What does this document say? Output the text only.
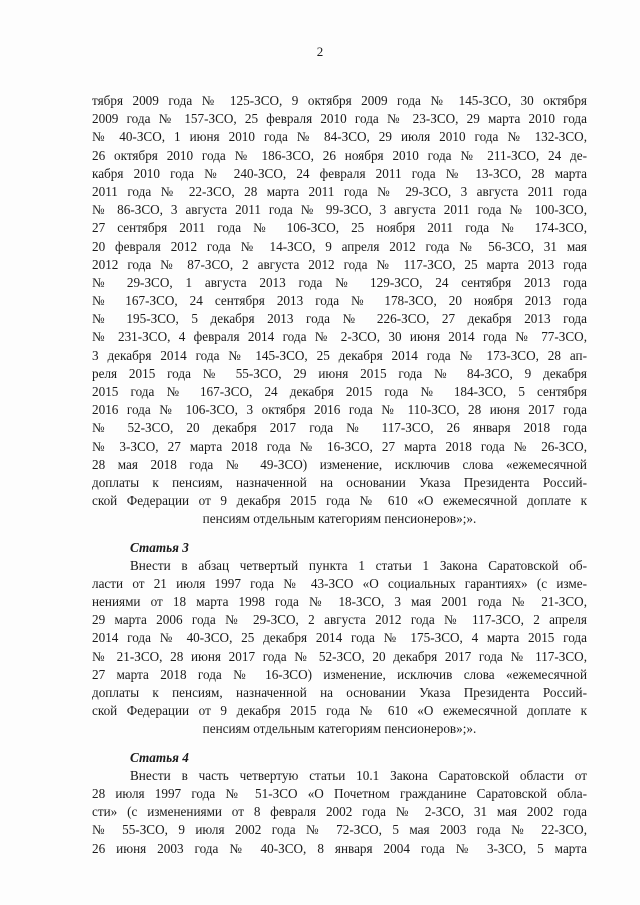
2
тября 2009 года № 125-ЗСО, 9 октября 2009 года № 145-ЗСО, 30 октября
2009 года № 157-ЗСО, 25 февраля 2010 года № 23-ЗСО, 29 марта 2010 года
№ 40-ЗСО, 1 июня 2010 года № 84-ЗСО, 29 июля 2010 года № 132-ЗСО,
26 октября 2010 года № 186-ЗСО, 26 ноября 2010 года № 211-ЗСО, 24 де-
кабря 2010 года № 240-ЗСО, 24 февраля 2011 года № 13-ЗСО, 28 марта
2011 года № 22-ЗСО, 28 марта 2011 года № 29-ЗСО, 3 августа 2011 года
№ 86-ЗСО, 3 августа 2011 года № 99-ЗСО, 3 августа 2011 года № 100-ЗСО,
27 сентября 2011 года № 106-ЗСО, 25 ноября 2011 года № 174-ЗСО,
20 февраля 2012 года № 14-ЗСО, 9 апреля 2012 года № 56-ЗСО, 31 мая
2012 года № 87-ЗСО, 2 августа 2012 года № 117-ЗСО, 25 марта 2013 года
№ 29-ЗСО, 1 августа 2013 года № 129-ЗСО, 24 сентября 2013 года
№ 167-ЗСО, 24 сентября 2013 года № 178-ЗСО, 20 ноября 2013 года
№ 195-ЗСО, 5 декабря 2013 года № 226-ЗСО, 27 декабря 2013 года
№ 231-ЗСО, 4 февраля 2014 года № 2-ЗСО, 30 июня 2014 года № 77-ЗСО,
3 декабря 2014 года № 145-ЗСО, 25 декабря 2014 года № 173-ЗСО, 28 ап-
реля 2015 года № 55-ЗСО, 29 июня 2015 года № 84-ЗСО, 9 декабря
2015 года № 167-ЗСО, 24 декабря 2015 года № 184-ЗСО, 5 сентября
2016 года № 106-ЗСО, 3 октября 2016 года № 110-ЗСО, 28 июня 2017 года
№ 52-ЗСО, 20 декабря 2017 года № 117-ЗСО, 26 января 2018 года
№ 3-ЗСО, 27 марта 2018 года № 16-ЗСО, 27 марта 2018 года № 26-ЗСО,
28 мая 2018 года № 49-ЗСО) изменение, исключив слова «ежемесячной
доплаты к пенсиям, назначенной на основании Указа Президента Россий-
ской Федерации от 9 декабря 2015 года № 610 «О ежемесячной доплате к
пенсиям отдельным категориям пенсионеров»;».
Статья 3
Внести в абзац четвертый пункта 1 статьи 1 Закона Саратовской об-
ласти от 21 июля 1997 года № 43-ЗСО «О социальных гарантиях» (с изме-
нениями от 18 марта 1998 года № 18-ЗСО, 3 мая 2001 года № 21-ЗСО,
29 марта 2006 года № 29-ЗСО, 2 августа 2012 года № 117-ЗСО, 2 апреля
2014 года № 40-ЗСО, 25 декабря 2014 года № 175-ЗСО, 4 марта 2015 года
№ 21-ЗСО, 28 июня 2017 года № 52-ЗСО, 20 декабря 2017 года № 117-ЗСО,
27 марта 2018 года № 16-ЗСО) изменение, исключив слова «ежемесячной
доплаты к пенсиям, назначенной на основании Указа Президента Россий-
ской Федерации от 9 декабря 2015 года № 610 «О ежемесячной доплате к
пенсиям отдельным категориям пенсионеров»;».
Статья 4
Внести в часть четвертую статьи 10.1 Закона Саратовской области от
28 июля 1997 года № 51-ЗСО «О Почетном гражданине Саратовской обла-
сти» (с изменениями от 8 февраля 2002 года № 2-ЗСО, 31 мая 2002 года
№ 55-ЗСО, 9 июля 2002 года № 72-ЗСО, 5 мая 2003 года № 22-ЗСО,
26 июня 2003 года № 40-ЗСО, 8 января 2004 года № 3-ЗСО, 5 марта
